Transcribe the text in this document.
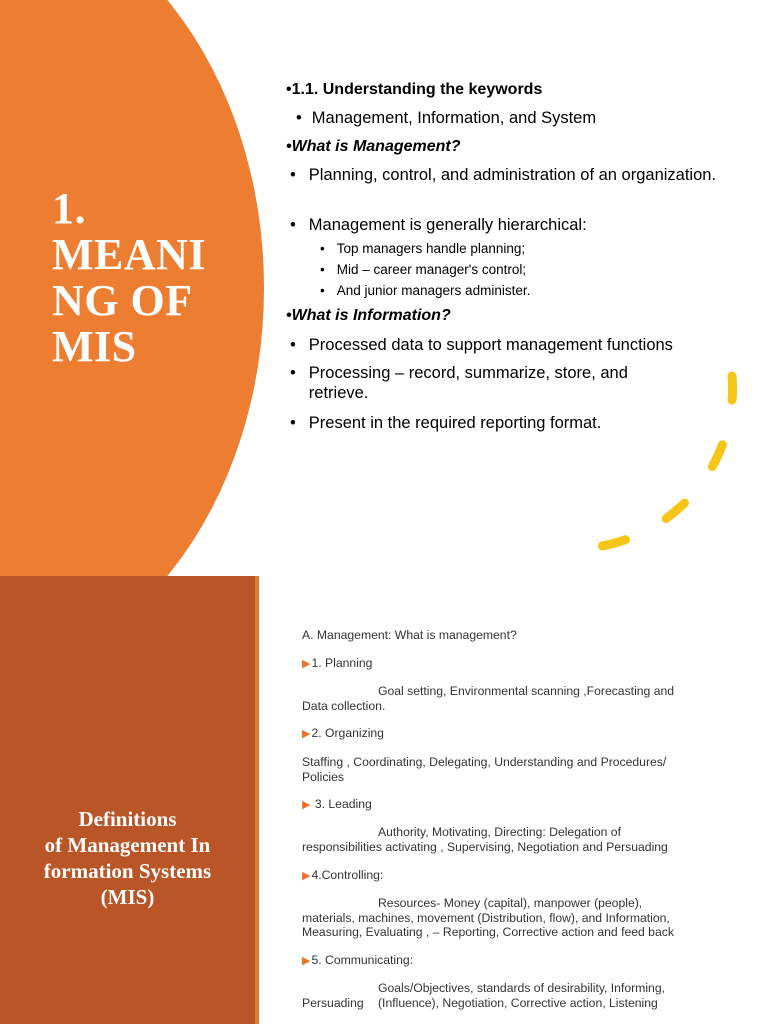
1.
MEANI
NG OF
MIS
•1.1. Understanding the keywords
• Management, Information, and System
•What is Management?
• Planning, control, and administration of an organization.
• Management is generally hierarchical:
• Top managers handle planning;
• Mid – career manager's control;
• And junior managers administer.
•What is Information?
• Processed data to support management functions
• Processing – record, summarize, store, and retrieve.
• Present in the required reporting format.
Definitions
of Management In
formation Systems
(MIS)
A. Management: What is management?
▶1. Planning
Goal setting, Environmental scanning ,Forecasting and
Data collection.
▶2. Organizing
Staffing , Coordinating, Delegating, Understanding and Procedures/
Policies
▶ 3. Leading
Authority, Motivating, Directing: Delegation of
responsibilities activating , Supervising, Negotiation and Persuading
▶4.Controlling:
Resources- Money (capital), manpower (people),
materials, machines, movement (Distribution, flow), and Information,
Measuring, Evaluating , – Reporting, Corrective action and feed back
▶5. Communicating:
Goals/Objectives, standards of desirability, Informing,
Persuading (Influence), Negotiation, Corrective action, Listening
